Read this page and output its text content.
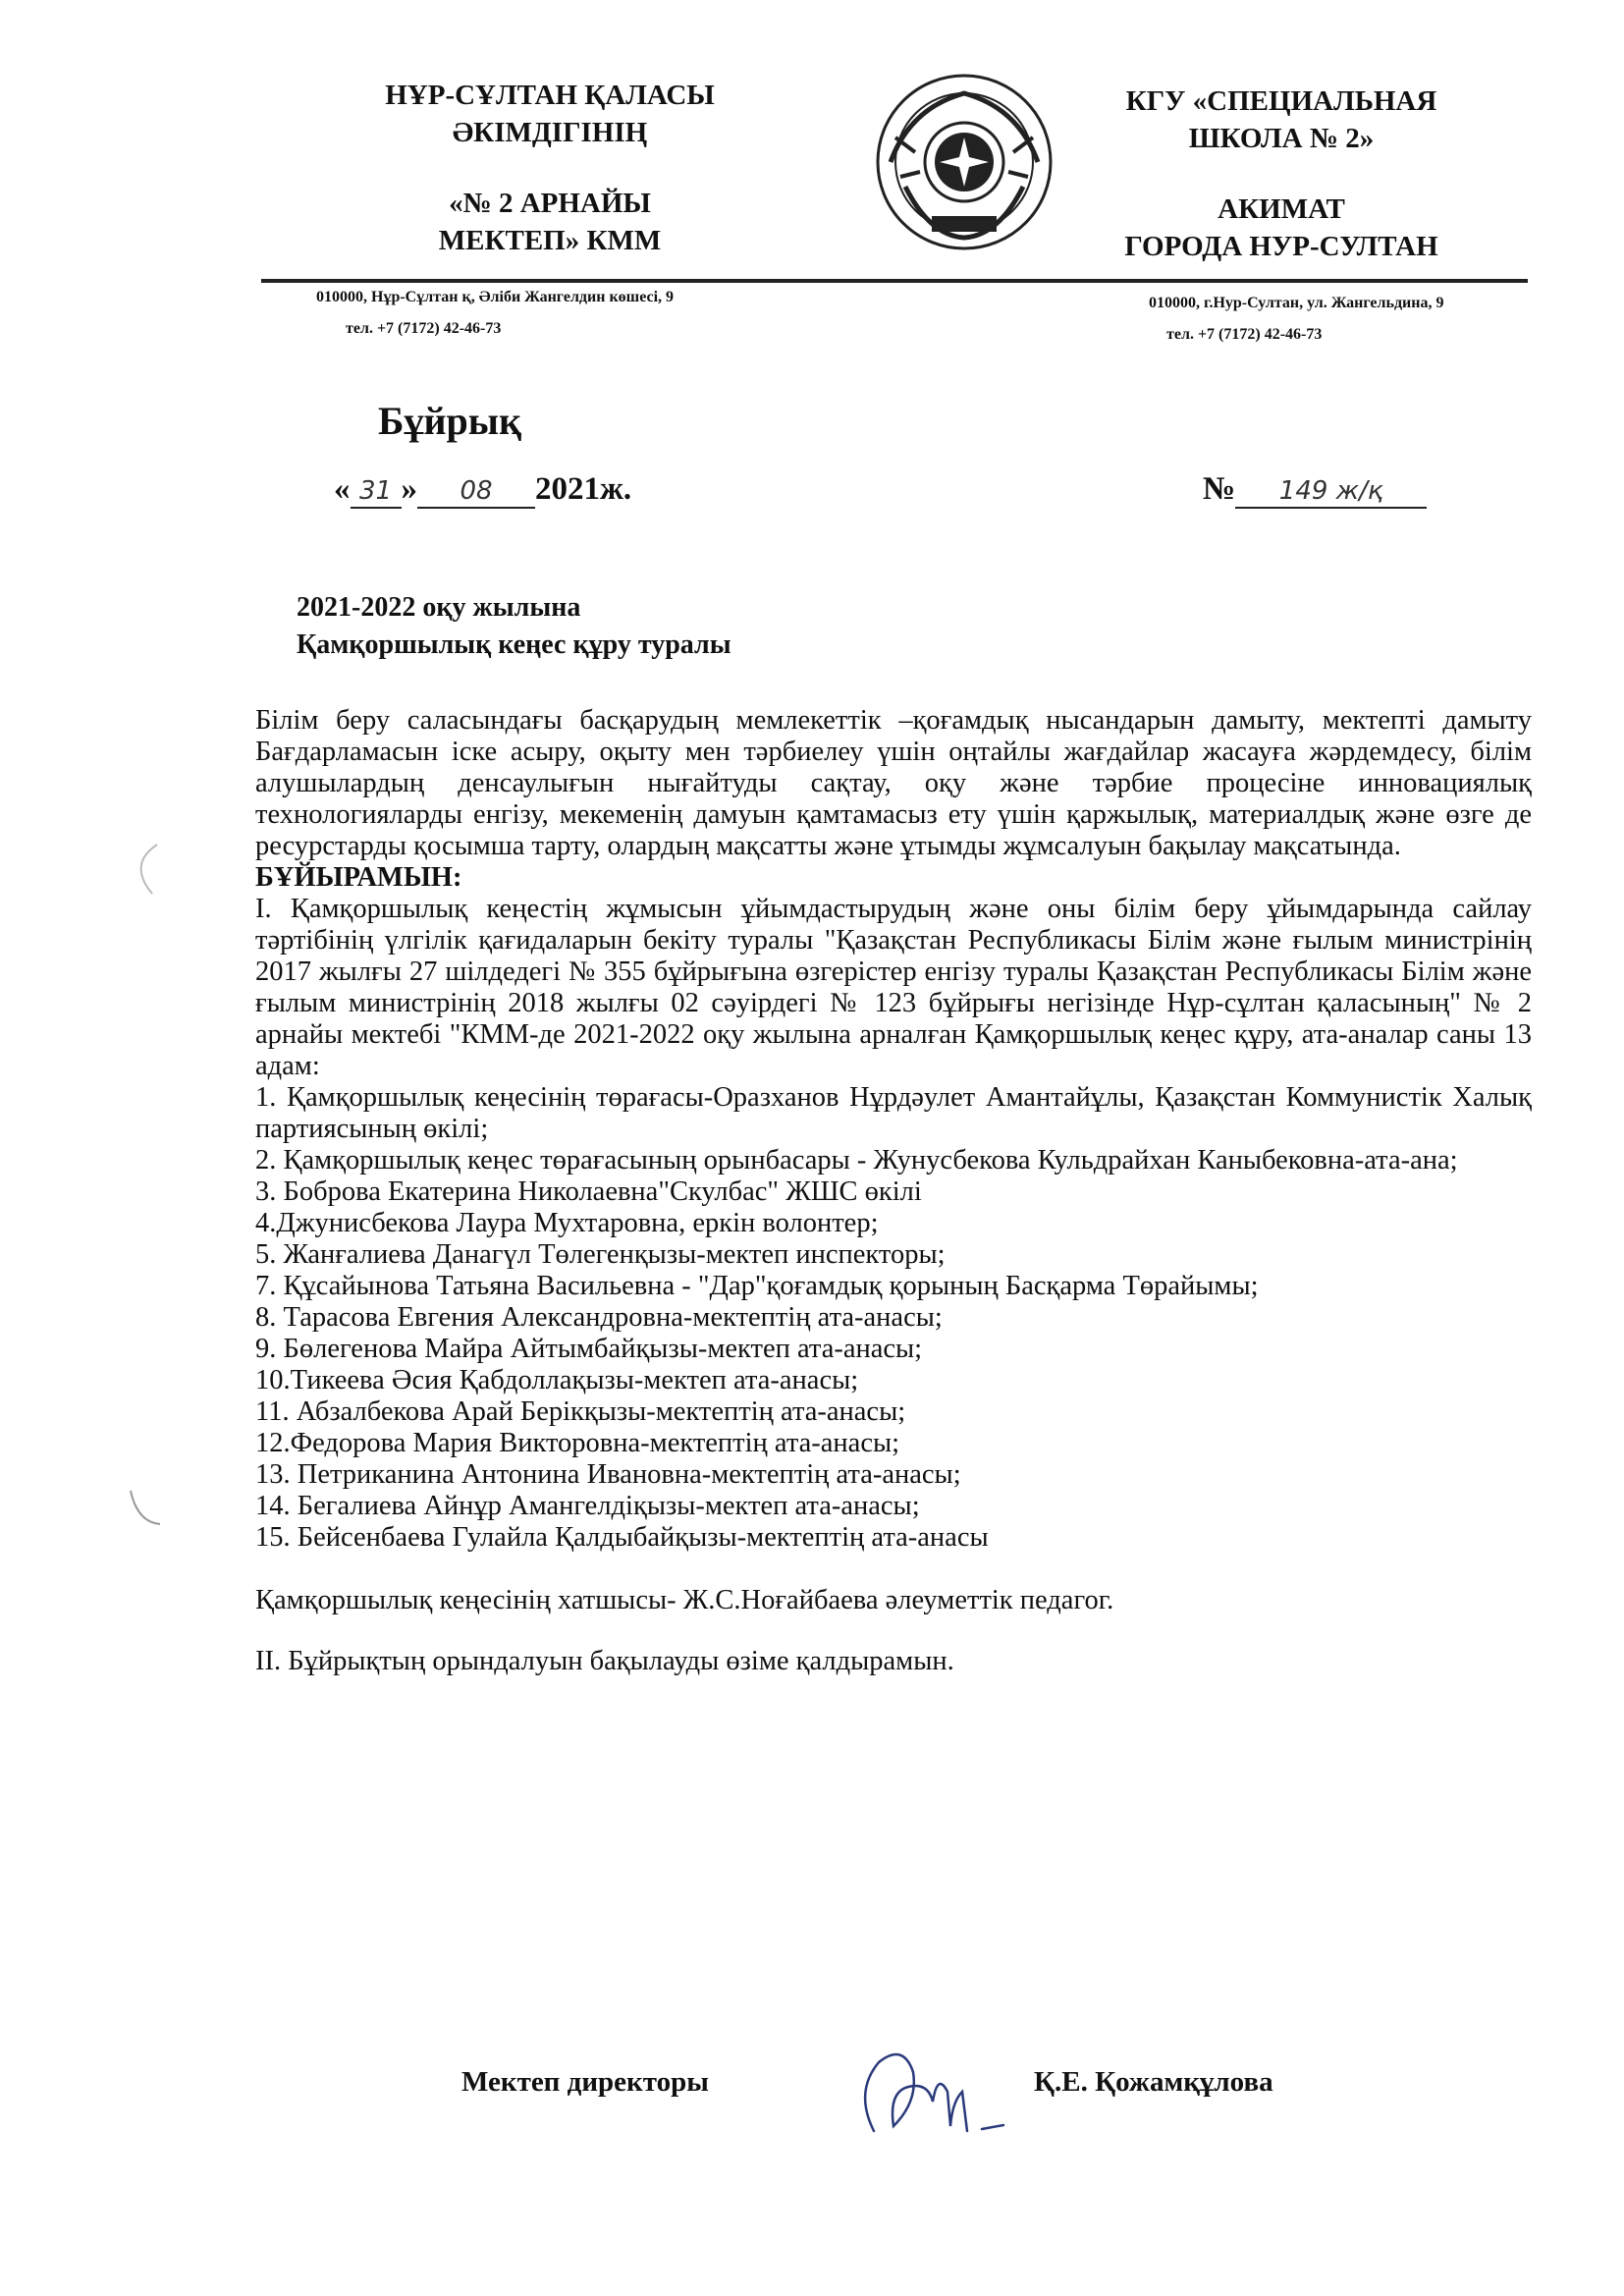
НҰР-СҰЛТАН ҚАЛАСЫ
ӘКІМДІГІНІҢ
«№ 2 АРНАЙЫ
МЕКТЕП» КММ
КГУ «СПЕЦИАЛЬНАЯ
ШКОЛА № 2»
АКИМАТ
ГОРОДА НУР-СУЛТАН
010000, Нұр-Сұлтан қ, Әліби Жангелдин көшесі, 9
тел. +7 (7172) 42-46-73
010000, г.Нур-Султан, ул. Жангельдина, 9
тел. +7 (7172) 42-46-73
Бұйрық
« 31 » 08 2021ж.	№ 149 ж/қ
2021-2022 оқу жылына
Қамқоршылық кеңес құру туралы

Білім беру саласындағы басқарудың мемлекеттік –қоғамдық нысандарын дамыту, мектепті дамыту Бағдарламасын іске асыру, оқыту мен тәрбиелеу үшін оңтайлы жағдайлар жасауға жәрдемдесу, білім алушылардың денсаулығын нығайтуды сақтау, оқу және тәрбие процесіне инновациялық технологияларды енгізу, мекеменің дамуын қамтамасыз ету үшін қаржылық, материалдық және өзге де ресурстарды қосымша тарту, олардың мақсатты және ұтымды жұмсалуын бақылау мақсатында.

БҰЙЫРАМЫН:

I. Қамқоршылық кеңестің жұмысын ұйымдастырудың және оны білім беру ұйымдарында сайлау тәртібінің үлгілік қағидаларын бекіту туралы "Қазақстан Республикасы Білім және ғылым министрінің 2017 жылғы 27 шілдедегі № 355 бұйрығына өзгерістер енгізу туралы Қазақстан Республикасы Білім және ғылым министрінің 2018 жылғы 02 сәуірдегі № 123 бұйрығы негізінде Нұр-сұлтан қаласының" № 2 арнайы мектебі "КММ-де 2021-2022 оқу жылына арналған Қамқоршылық кеңес құру, ата-аналар саны 13 адам:

1. Қамқоршылық кеңесінің төрағасы-Оразханов Нұрдәулет Амантайұлы, Қазақстан Коммунистік Халық партиясының өкілі;

2. Қамқоршылық кеңес төрағасының орынбасары - Жунусбекова Кульдрайхан Каныбековна-ата-ана;

3. Боброва Екатерина Николаевна"Скулбас" ЖШС өкілі

4.Джунисбекова Лаура Мухтаровна, еркін волонтер;

5. Жанғалиева Данагүл Төлегенқызы-мектеп инспекторы;

7. Құсайынова Татьяна Васильевна - "Дар"қоғамдық қорының Басқарма Төрайымы;

8. Тарасова Евгения Александровна-мектептің ата-анасы;

9. Бөлегенова Майра Айтымбайқызы-мектеп ата-анасы;

10.Тикеева Әсия Қабдоллақызы-мектеп ата-анасы;

11. Абзалбекова Арай Берікқызы-мектептің ата-анасы;

12.Федорова Мария Викторовна-мектептің ата-анасы;

13. Петриканина Антонина Ивановна-мектептің ата-анасы;

14. Бегалиева Айнұр Амангелдіқызы-мектеп ата-анасы;

15. Бейсенбаева Гулайла Қалдыбайқызы-мектептің ата-анасы

Қамқоршылық кеңесінің хатшысы- Ж.С.Ноғайбаева әлеуметтік педагог.

II. Бұйрықтың орындалуын бақылауды өзіме қалдырамын.

Мектеп директоры	Қ.Е. Қожамқұлова
